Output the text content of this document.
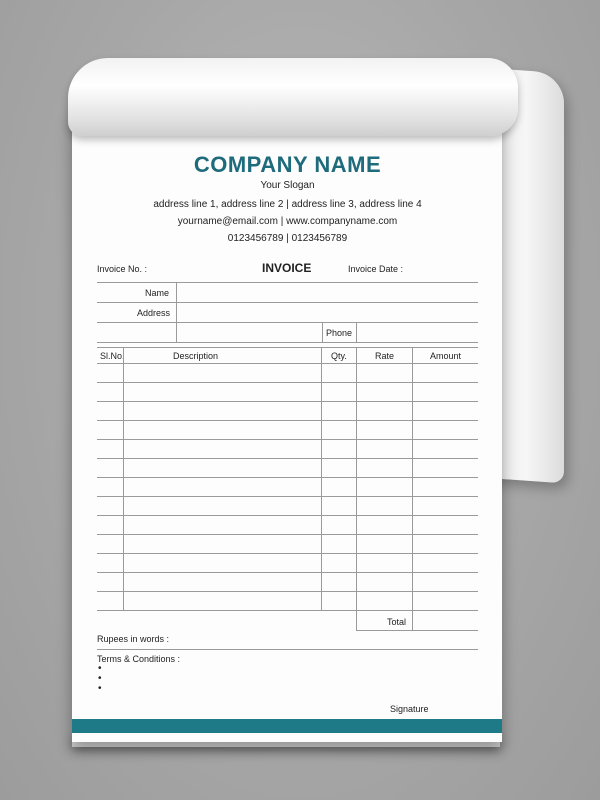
COMPANY NAME
Your Slogan
address line 1, address line 2 | address line 3, address line 4
yourname@email.com | www.companyname.com
0123456789 | 0123456789
Invoice No. :	INVOICE	Invoice Date :
Name
Address
Phone
Sl.No.	Description	Qty.	Rate	Amount
Total
Rupees in words :
Terms & Conditions :
•
•
•
Signature
